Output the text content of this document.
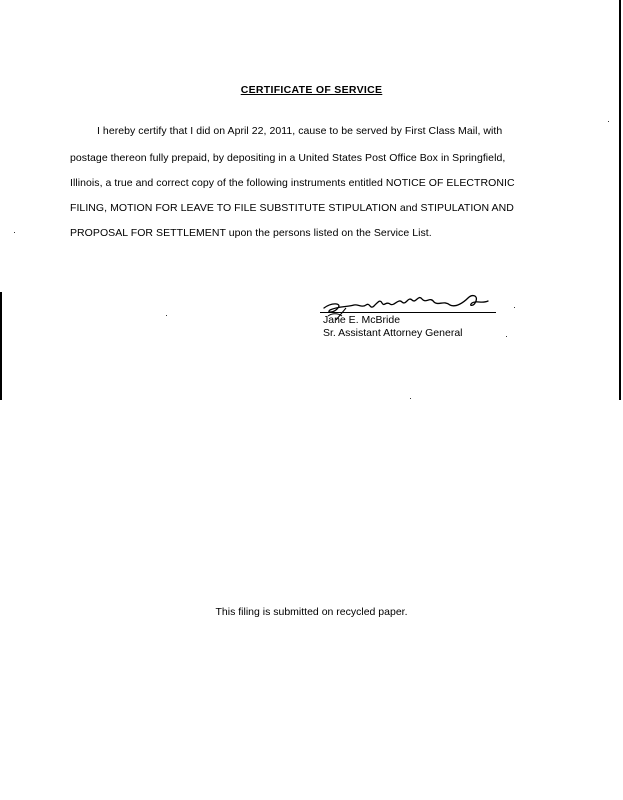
CERTIFICATE OF SERVICE
I hereby certify that I did on April 22, 2011, cause to be served by First Class Mail, with
postage thereon fully prepaid, by depositing in a United States Post Office Box in Springfield,
Illinois, a true and correct copy of the following instruments entitled NOTICE OF ELECTRONIC
FILING, MOTION FOR LEAVE TO FILE SUBSTITUTE STIPULATION and STIPULATION AND
PROPOSAL FOR SETTLEMENT upon the persons listed on the Service List.
Jane E. McBride
Sr. Assistant Attorney General
This filing is submitted on recycled paper.
